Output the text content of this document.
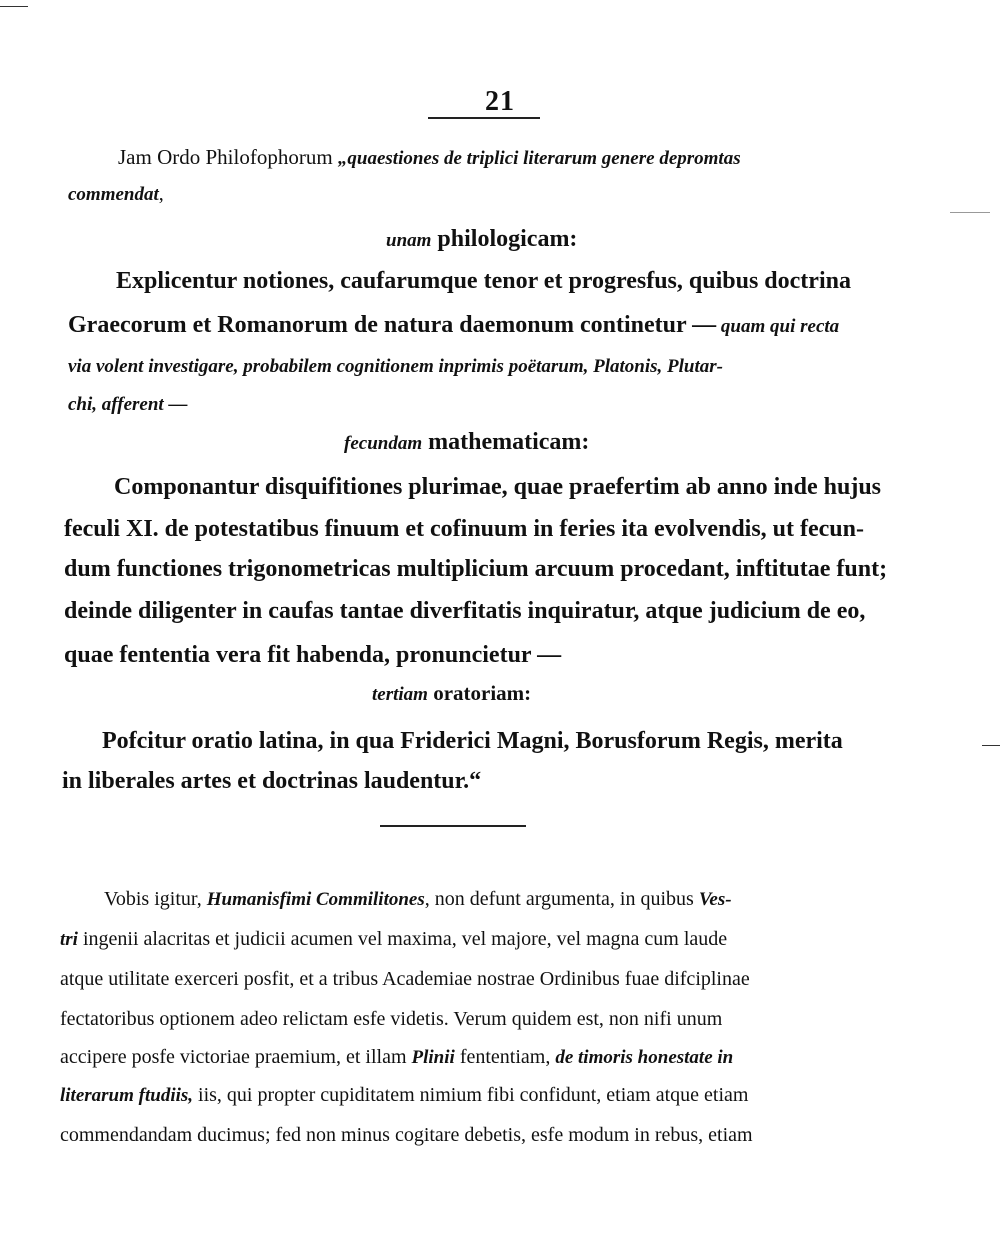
21
Jam Ordo Philofophorum „quaestiones de triplici literarum genere depromtas
commendat,
unam philologicam:
Explicentur notiones, caufarumque tenor et progresfus, quibus doctrina
Graecorum et Romanorum de natura daemonum continetur — quam qui recta
via volent investigare, probabilem cognitionem inprimis poëtarum, Platonis, Plutar-
chi, afferent —
fecundam mathematicam:
Componantur disquifitiones plurimae, quae praefertim ab anno inde hujus
feculi XI. de potestatibus finuum et cofinuum in feries ita evolvendis, ut fecun-
dum functiones trigonometricas multiplicium arcuum procedant, inftitutae funt;
deinde diligenter in caufas tantae diverfitatis inquiratur, atque judicium de eo,
quae fententia vera fit habenda, pronuncietur —
tertiam oratoriam:
Pofcitur oratio latina, in qua Friderici Magni, Borusforum Regis, merita
in liberales artes et doctrinas laudentur.“
Vobis igitur, Humanisfimi Commilitones, non defunt argumenta, in quibus Ves-
tri ingenii alacritas et judicii acumen vel maxima, vel majore, vel magna cum laude
atque utilitate exerceri posfit, et a tribus Academiae nostrae Ordinibus fuae difciplinae
fectatoribus optionem adeo relictam esfe videtis. Verum quidem est, non nifi unum
accipere posfe victoriae praemium, et illam Plinii fententiam, de timoris honestate in
literarum ftudiis, iis, qui propter cupiditatem nimium fibi confidunt, etiam atque etiam
commendandam ducimus; fed non minus cogitare debetis, esfe modum in rebus, etiam
